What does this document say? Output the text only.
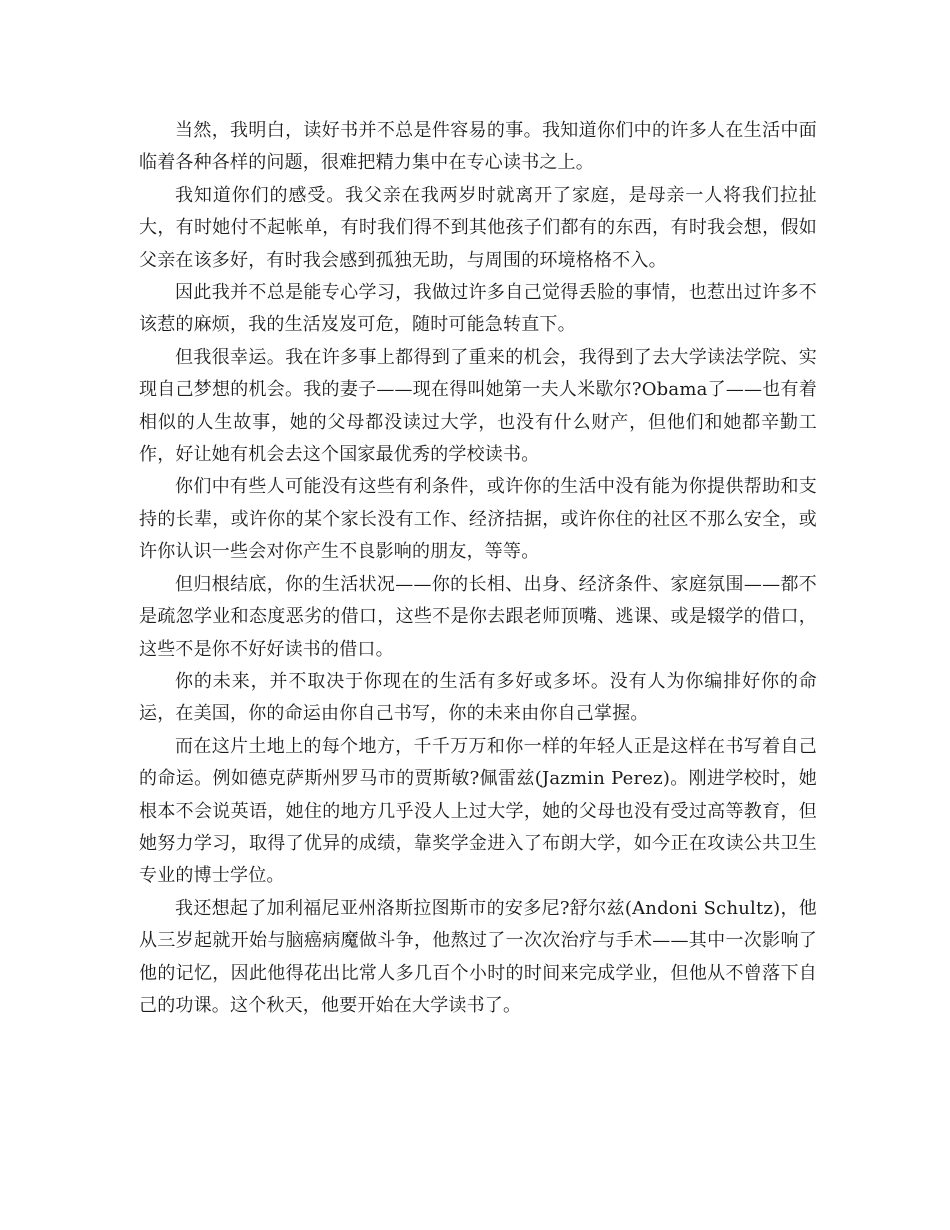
当然，我明白，读好书并不总是件容易的事。我知道你们中的许多人在生活中面临着各种各样的问题，很难把精力集中在专心读书之上。

我知道你们的感受。我父亲在我两岁时就离开了家庭，是母亲一人将我们拉扯大，有时她付不起帐单，有时我们得不到其他孩子们都有的东西，有时我会想，假如父亲在该多好，有时我会感到孤独无助，与周围的环境格格不入。

因此我并不总是能专心学习，我做过许多自己觉得丢脸的事情，也惹出过许多不该惹的麻烦，我的生活岌岌可危，随时可能急转直下。

但我很幸运。我在许多事上都得到了重来的机会，我得到了去大学读法学院、实现自己梦想的机会。我的妻子——现在得叫她第一夫人米歇尔?Obama了——也有着相似的人生故事，她的父母都没读过大学，也没有什么财产，但他们和她都辛勤工作，好让她有机会去这个国家最优秀的学校读书。

你们中有些人可能没有这些有利条件，或许你的生活中没有能为你提供帮助和支持的长辈，或许你的某个家长没有工作、经济拮据，或许你住的社区不那么安全，或许你认识一些会对你产生不良影响的朋友，等等。

但归根结底，你的生活状况——你的长相、出身、经济条件、家庭氛围——都不是疏忽学业和态度恶劣的借口，这些不是你去跟老师顶嘴、逃课、或是辍学的借口，这些不是你不好好读书的借口。

你的未来，并不取决于你现在的生活有多好或多坏。没有人为你编排好你的命运，在美国，你的命运由你自己书写，你的未来由你自己掌握。

而在这片土地上的每个地方，千千万万和你一样的年轻人正是这样在书写着自己的命运。例如德克萨斯州罗马市的贾斯敏?佩雷兹(Jazmin Perez)。刚进学校时，她根本不会说英语，她住的地方几乎没人上过大学，她的父母也没有受过高等教育，但她努力学习，取得了优异的成绩，靠奖学金进入了布朗大学，如今正在攻读公共卫生专业的博士学位。

我还想起了加利福尼亚州洛斯拉图斯市的安多尼?舒尔兹(Andoni Schultz)，他从三岁起就开始与脑癌病魔做斗争，他熬过了一次次治疗与手术——其中一次影响了他的记忆，因此他得花出比常人多几百个小时的时间来完成学业，但他从不曾落下自己的功课。这个秋天，他要开始在大学读书了。
